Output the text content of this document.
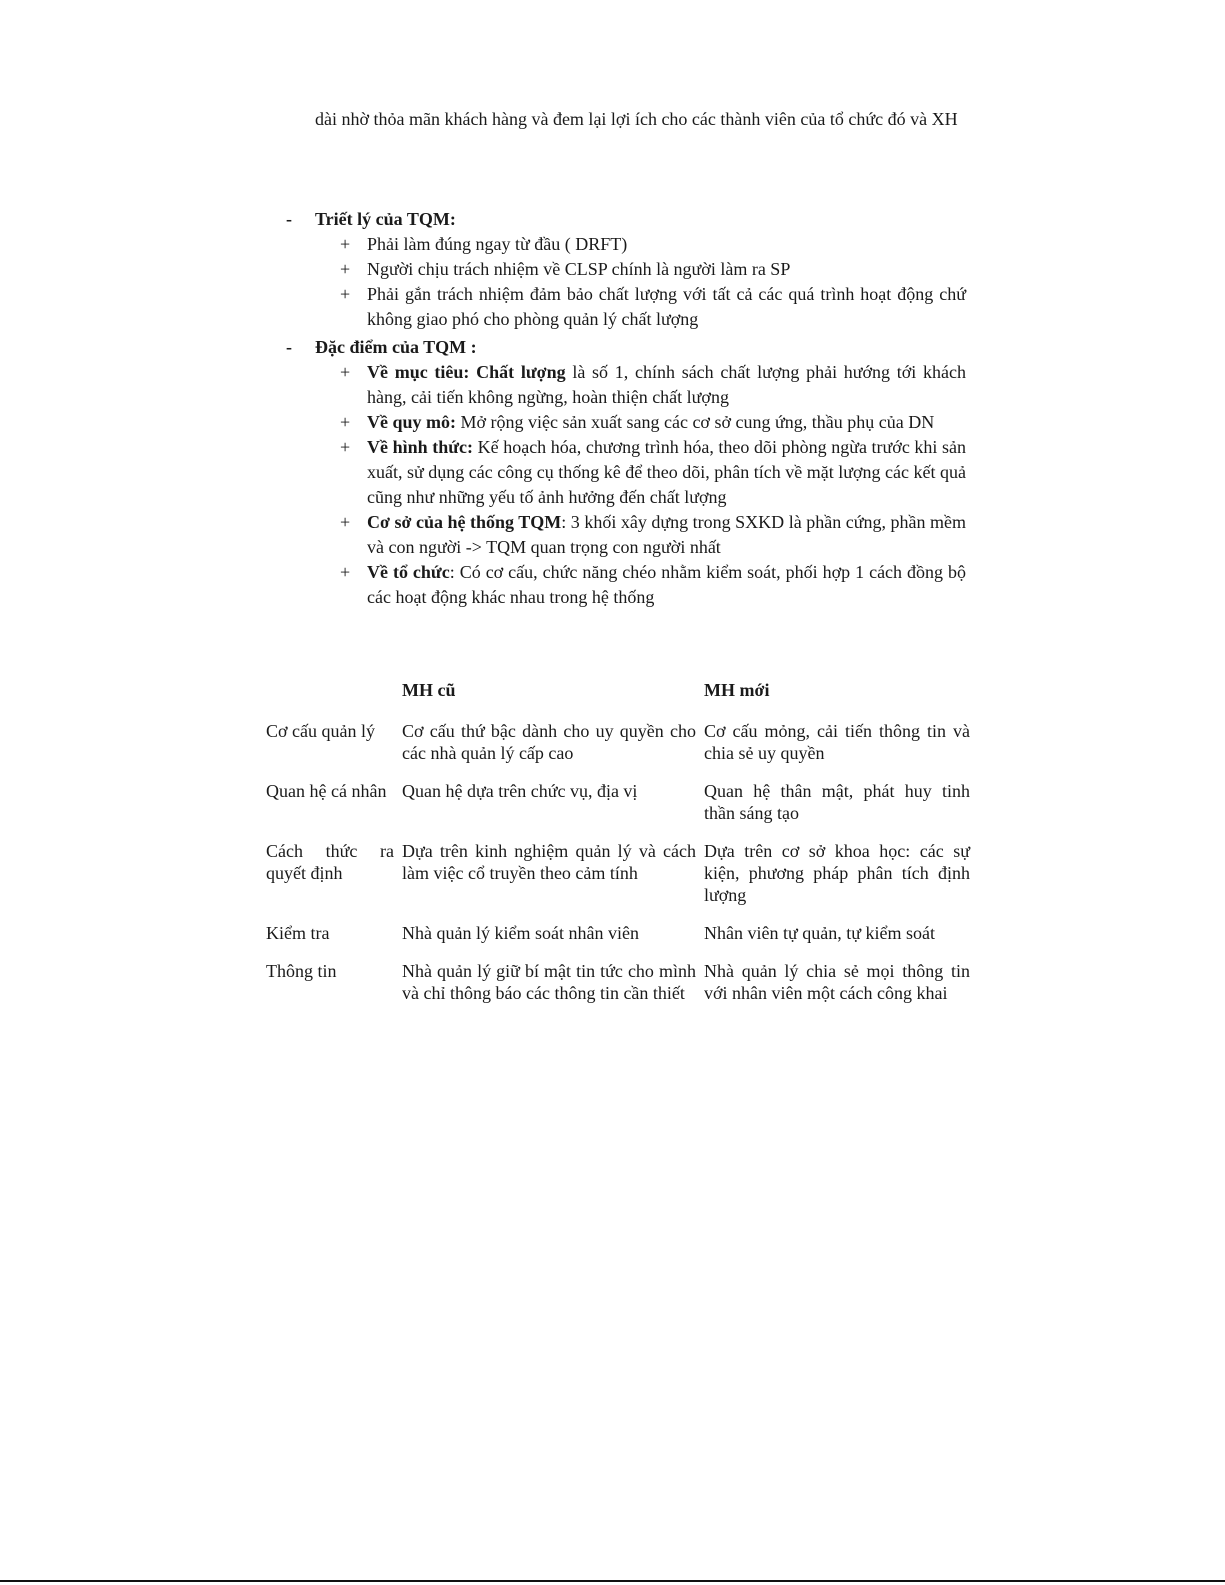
dài nhờ thỏa mãn khách hàng và đem lại lợi ích cho các thành viên của tổ chức đó và XH

- Triết lý của TQM:
+ Phải làm đúng ngay từ đầu ( DRFT)
+ Người chịu trách nhiệm về CLSP chính là người làm ra SP
+ Phải gắn trách nhiệm đảm bảo chất lượng với tất cả các quá trình hoạt động chứ không giao phó cho phòng quản lý chất lượng
- Đặc điểm của TQM :
+ Về mục tiêu: Chất lượng là số 1, chính sách chất lượng phải hướng tới khách hàng, cải tiến không ngừng, hoàn thiện chất lượng
+ Về quy mô: Mở rộng việc sản xuất sang các cơ sở cung ứng, thầu phụ của DN
+ Về hình thức: Kế hoạch hóa, chương trình hóa, theo dõi phòng ngừa trước khi sản xuất, sử dụng các công cụ thống kê để theo dõi, phân tích về mặt lượng các kết quả cũng như những yếu tố ảnh hưởng đến chất lượng
+ Cơ sở của hệ thống TQM: 3 khối xây dựng trong SXKD là phần cứng, phần mềm và con người -> TQM quan trọng con người nhất
+ Về tổ chức: Có cơ cấu, chức năng chéo nhằm kiểm soát, phối hợp 1 cách đồng bộ các hoạt động khác nhau trong hệ thống
	MH cũ	MH mới
Cơ cấu quản lý	Cơ cấu thứ bậc dành cho uy quyền cho các nhà quản lý cấp cao	Cơ cấu mỏng, cải tiến thông tin và chia sẻ uy quyền
Quan hệ cá nhân	Quan hệ dựa trên chức vụ, địa vị	Quan hệ thân mật, phát huy tinh thần sáng tạo
Cách thức ra quyết định	Dựa trên kinh nghiệm quản lý và cách làm việc cổ truyền theo cảm tính	Dựa trên cơ sở khoa học: các sự kiện, phương pháp phân tích định lượng
Kiểm tra	Nhà quản lý kiểm soát nhân viên	Nhân viên tự quản, tự kiểm soát
Thông tin	Nhà quản lý giữ bí mật tin tức cho mình và chỉ thông báo các thông tin cần thiết	Nhà quản lý chia sẻ mọi thông tin với nhân viên một cách công khai
